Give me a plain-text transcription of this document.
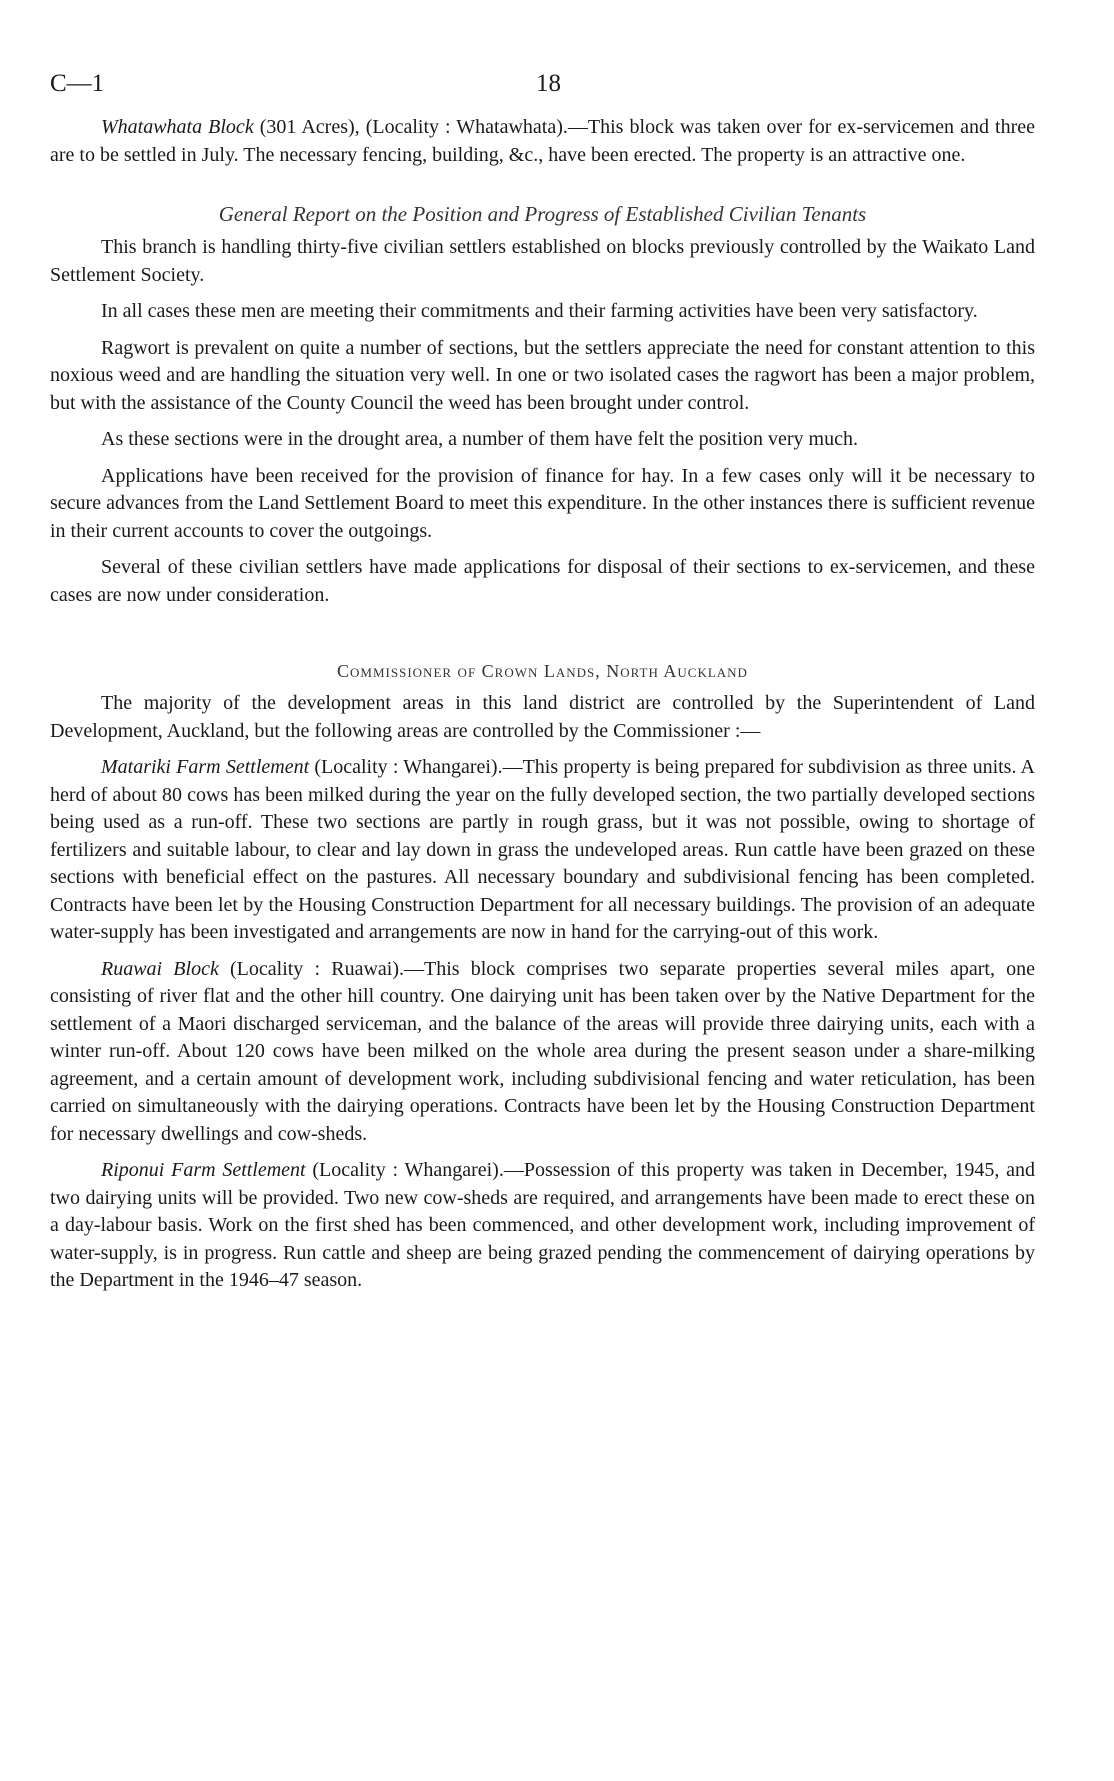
C—1	18

Whatawhata Block (301 Acres), (Locality : Whatawhata).—This block was taken over for ex-servicemen and three are to be settled in July. The necessary fencing, building, &c., have been erected. The property is an attractive one.

General Report on the Position and Progress of Established Civilian Tenants

This branch is handling thirty-five civilian settlers established on blocks previously controlled by the Waikato Land Settlement Society.

In all cases these men are meeting their commitments and their farming activities have been very satisfactory.

Ragwort is prevalent on quite a number of sections, but the settlers appreciate the need for constant attention to this noxious weed and are handling the situation very well. In one or two isolated cases the ragwort has been a major problem, but with the assistance of the County Council the weed has been brought under control.

As these sections were in the drought area, a number of them have felt the position very much.

Applications have been received for the provision of finance for hay. In a few cases only will it be necessary to secure advances from the Land Settlement Board to meet this expenditure. In the other instances there is sufficient revenue in their current accounts to cover the outgoings.

Several of these civilian settlers have made applications for disposal of their sections to ex-servicemen, and these cases are now under consideration.

Commissioner of Crown Lands, North Auckland

The majority of the development areas in this land district are controlled by the Superintendent of Land Development, Auckland, but the following areas are controlled by the Commissioner :—

Matariki Farm Settlement (Locality : Whangarei).—This property is being prepared for subdivision as three units. A herd of about 80 cows has been milked during the year on the fully developed section, the two partially developed sections being used as a run-off. These two sections are partly in rough grass, but it was not possible, owing to shortage of fertilizers and suitable labour, to clear and lay down in grass the undeveloped areas. Run cattle have been grazed on these sections with beneficial effect on the pastures. All necessary boundary and subdivisional fencing has been completed. Contracts have been let by the Housing Construction Department for all necessary buildings. The provision of an adequate water-supply has been investigated and arrangements are now in hand for the carrying-out of this work.

Ruawai Block (Locality : Ruawai).—This block comprises two separate properties several miles apart, one consisting of river flat and the other hill country. One dairying unit has been taken over by the Native Department for the settlement of a Maori discharged serviceman, and the balance of the areas will provide three dairying units, each with a winter run-off. About 120 cows have been milked on the whole area during the present season under a share-milking agreement, and a certain amount of development work, including subdivisional fencing and water reticulation, has been carried on simultaneously with the dairying operations. Contracts have been let by the Housing Construction Department for necessary dwellings and cow-sheds.

Riponui Farm Settlement (Locality : Whangarei).—Possession of this property was taken in December, 1945, and two dairying units will be provided. Two new cow-sheds are required, and arrangements have been made to erect these on a day-labour basis. Work on the first shed has been commenced, and other development work, including improvement of water-supply, is in progress. Run cattle and sheep are being grazed pending the commencement of dairying operations by the Department in the 1946–47 season.
